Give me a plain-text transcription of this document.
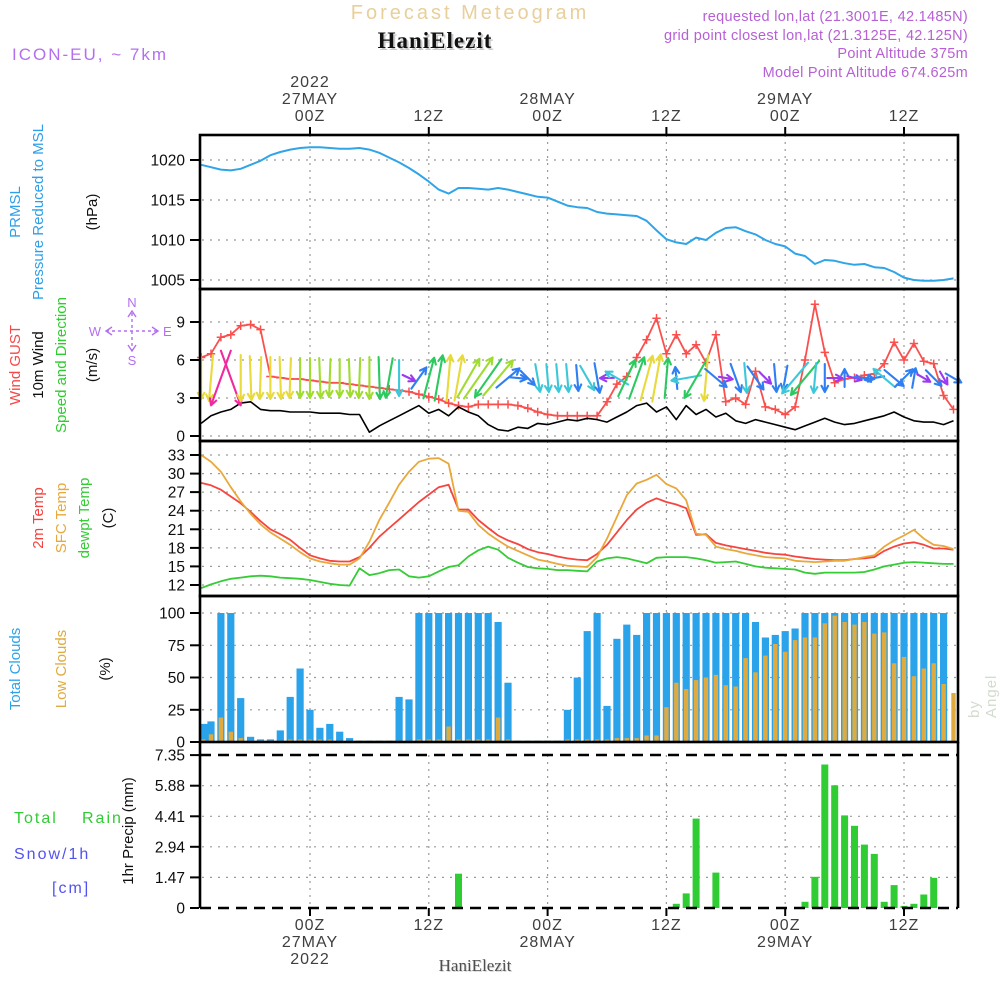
Forecast Meteogram
HaniElezit
ICON-EU, ~ 7km
requested lon,lat (21.3001E, 42.1485N)
grid point closest lon,lat (21.3125E, 42.125N)
Point Altitude 375m
Model Point Altitude 674.625m
1020
1015
1010
1005
9
6
3
0
33
30
27
24
21
18
15
12
100
75
50
25
0
7.35
5.88
4.41
2.94
1.47
0
2022
27MAY
00Z	12Z
28MAY
00Z	12Z
29MAY
00Z	12Z
00Z
27MAY
2022
12Z	00Z
28MAY
12Z	00Z
29MAY
12Z
PRMSL Pressure Reduced to MSL (hPa)
Wind GUST 10m Wind Speed and Direction (m/s)
N
S
W	E
2m Temp SFC Temp dewpt Temp (C)
Total Clouds Low Clouds (%)
Total Rain
Snow/1h
[cm]
1hr Precip (mm)
HaniElezit
by Angel
